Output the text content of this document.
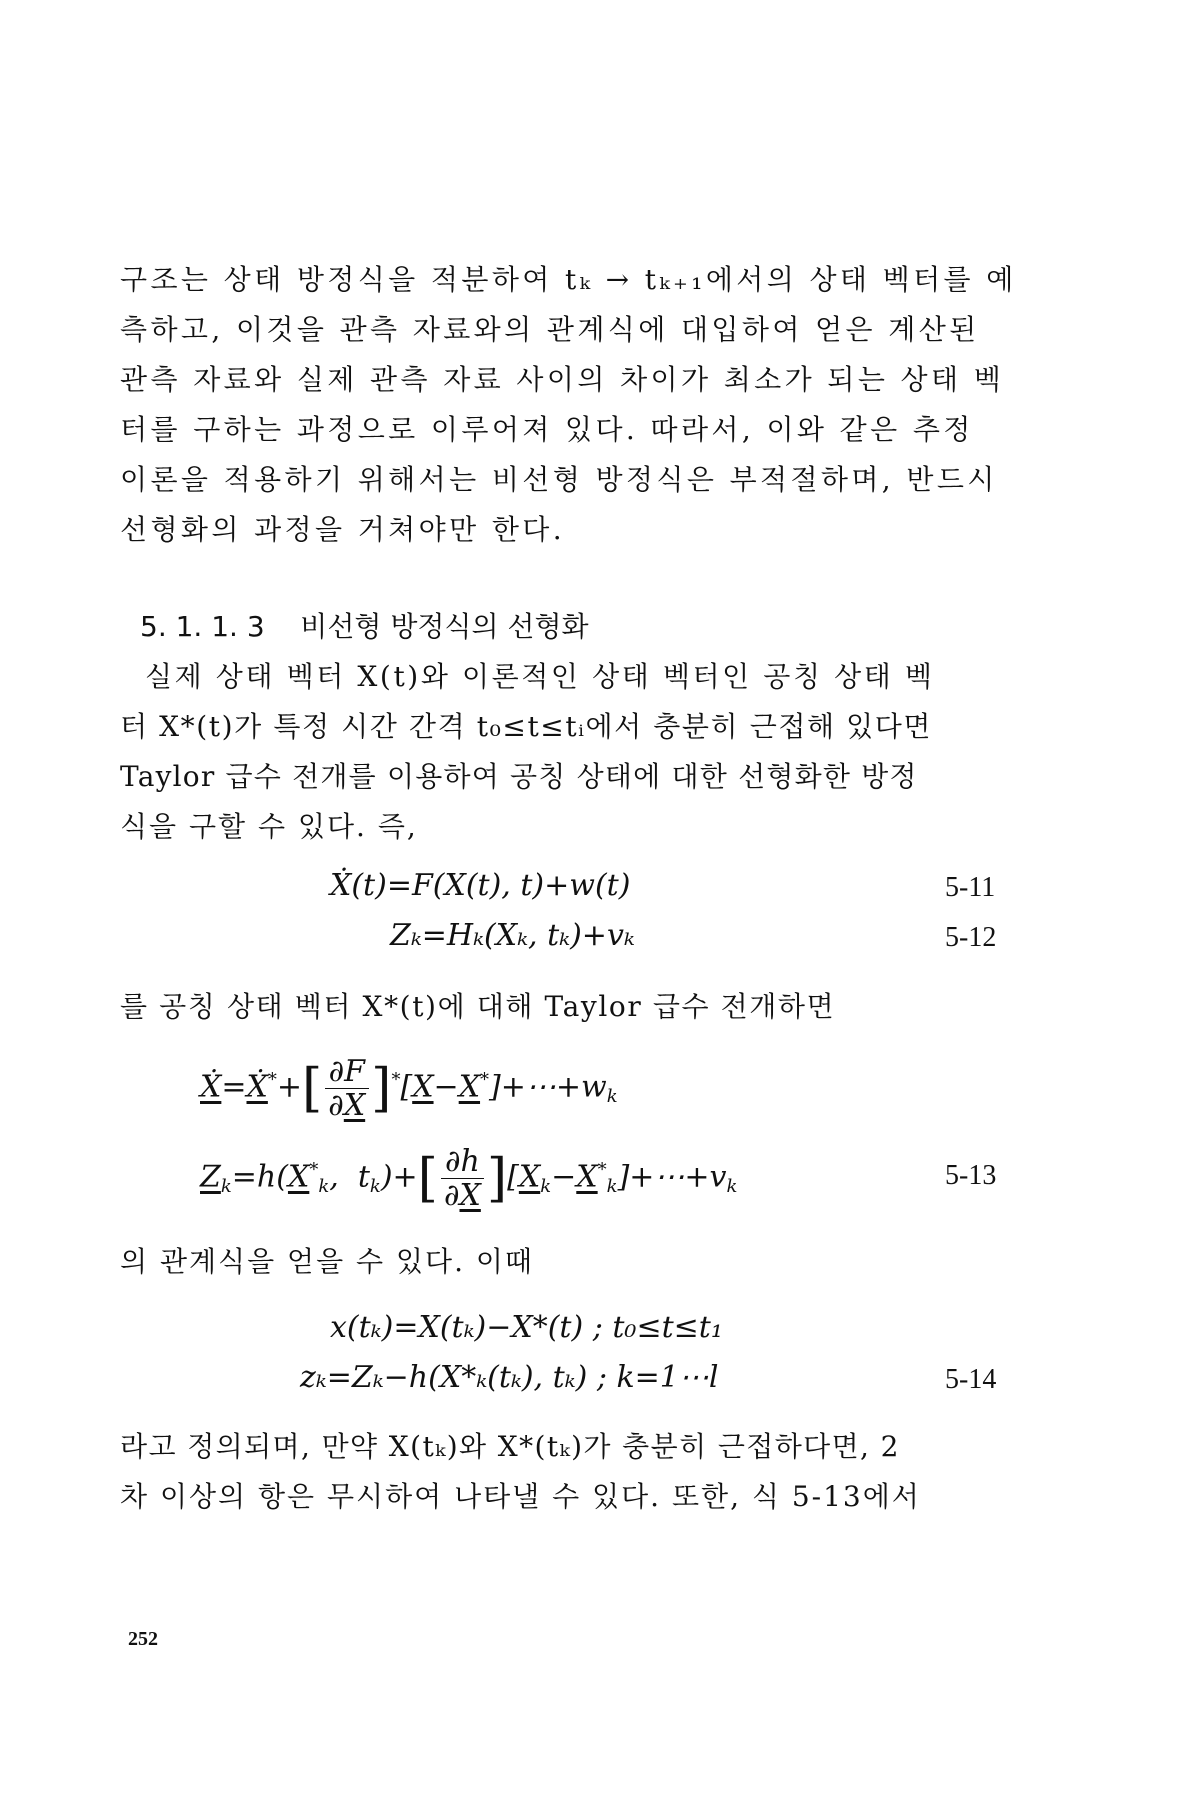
구조는 상태 방정식을 적분하여 tₖ → tₖ₊₁에서의 상태 벡터를 예
측하고, 이것을 관측 자료와의 관계식에 대입하여 얻은 계산된
관측 자료와 실제 관측 자료 사이의 차이가 최소가 되는 상태 벡
터를 구하는 과정으로 이루어져 있다. 따라서, 이와 같은 추정
이론을 적용하기 위해서는 비선형 방정식은 부적절하며, 반드시
선형화의 과정을 거쳐야만 한다.
5. 1. 1. 3 비선형 방정식의 선형화
실제 상태 벡터 X(t)와 이론적인 상태 벡터인 공칭 상태 벡
터 X*(t)가 특정 시간 간격 t₀≤t≤tᵢ에서 충분히 근접해 있다면
Taylor 급수 전개를 이용하여 공칭 상태에 대한 선형화한 방정
식을 구할 수 있다. 즉,
Ẋ(t)=F(X(t), t)+w(t)	5-11
Zₖ=Hₖ(Xₖ, tₖ)+vₖ	5-12
를 공칭 상태 벡터 X*(t)에 대해 Taylor 급수 전개하면
Ẋ=Ẋ*+[ $\frac{\partial F}{\partial X}$ ]$^*[X-X^*]+\cdots+w_k$
$Z_k=h(X^*_k$,  $t_k)+[ \frac{\partial h}{\partial X}$ ]$[X_k-X^*_k]+\cdots+v_k$	5-13
의 관계식을 얻을 수 있다. 이때
x(tₖ)=X(tₖ)−X*(t) ; t₀≤t≤t₁
zₖ=Zₖ−h(X*ₖ(tₖ), tₖ) ; k=1⋯l	5-14
라고 정의되며, 만약 X(tₖ)와 X*(tₖ)가 충분히 근접하다면, 2
차 이상의 항은 무시하여 나타낼 수 있다. 또한, 식 5-13에서
252
